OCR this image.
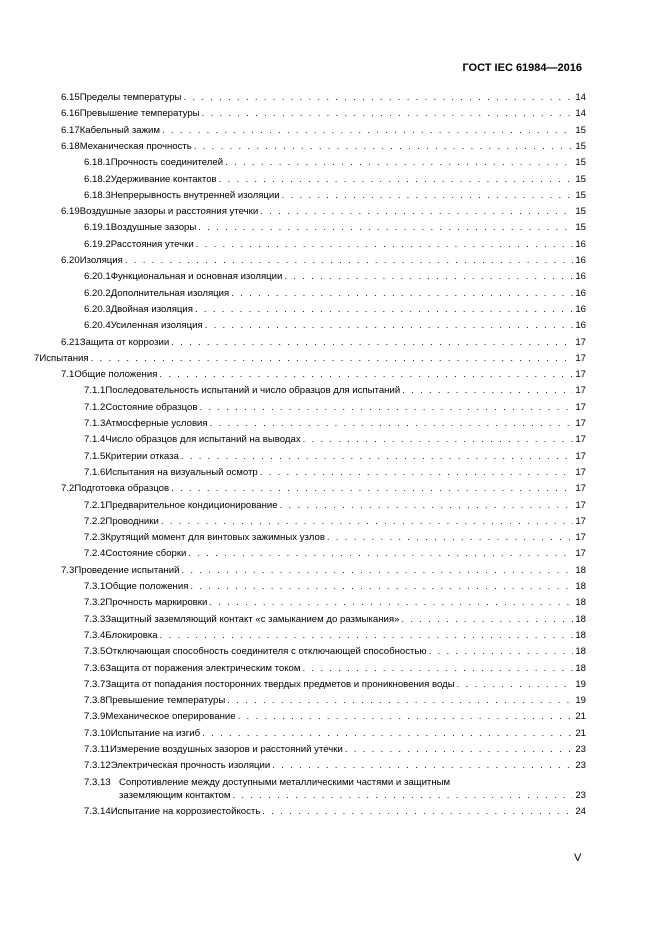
ГОСТ IEC 61984—2016
V
6.15 Пределы температуры . . .	14
6.16 Превышение температуры . . .	14
6.17 Кабельный зажим . . .	15
6.18 Механическая прочность . . .	15
6.18.1 Прочность соединителей . . .	15
6.18.2 Удерживание контактов . . .	15
6.18.3 Непрерывность внутренней изоляции . . .	15
6.19 Воздушные зазоры и расстояния утечки . . .	15
6.19.1 Воздушные зазоры . . .	15
6.19.2 Расстояния утечки . . .	16
6.20 Изоляция . . .	16
6.20.1 Функциональная и основная изоляции . . .	16
6.20.2 Дополнительная изоляция . . .	16
6.20.3 Двойная изоляция . . .	16
6.20.4 Усиленная изоляция . . .	16
6.21 Защита от коррозии . . .	17
7 Испытания . . .	17
7.1 Общие положения . . .	17
7.1.1 Последовательность испытаний и число образцов для испытаний . . .	17
7.1.2 Состояние образцов . . .	17
7.1.3 Атмосферные условия . . .	17
7.1.4 Число образцов для испытаний на выводах . . .	17
7.1.5 Критерии отказа . . .	17
7.1.6 Испытания на визуальный осмотр . . .	17
7.2 Подготовка образцов . . .	17
7.2.1 Предварительное кондиционирование . . .	17
7.2.2 Проводники . . .	17
7.2.3 Крутящий момент для винтовых зажимных узлов . . .	17
7.2.4 Состояние сборки . . .	17
7.3 Проведение испытаний . . .	18
7.3.1 Общие положения . . .	18
7.3.2 Прочность маркировки . . .	18
7.3.3 Защитный заземляющий контакт «с замыканием до размыкания» . . .	18
7.3.4 Блокировка . . .	18
7.3.5 Отключающая способность соединителя с отключающей способностью . . .	18
7.3.6 Защита от поражения электрическим током . . .	18
7.3.7 Защита от попадания посторонних твердых предметов и проникновения воды . . .	19
7.3.8 Превышение температуры . . .	19
7.3.9 Механическое оперирование . . .	21
7.3.10 Испытание на изгиб . . .	21
7.3.11 Измерение воздушных зазоров и расстояний утечки . . .	23
7.3.12 Электрическая прочность изоляции . . .	23
7.3.13 Сопротивление между доступными металлическими частями и защитным
заземляющим контактом . . .	23
7.3.14 Испытание на коррозиестойкость . . .	24
